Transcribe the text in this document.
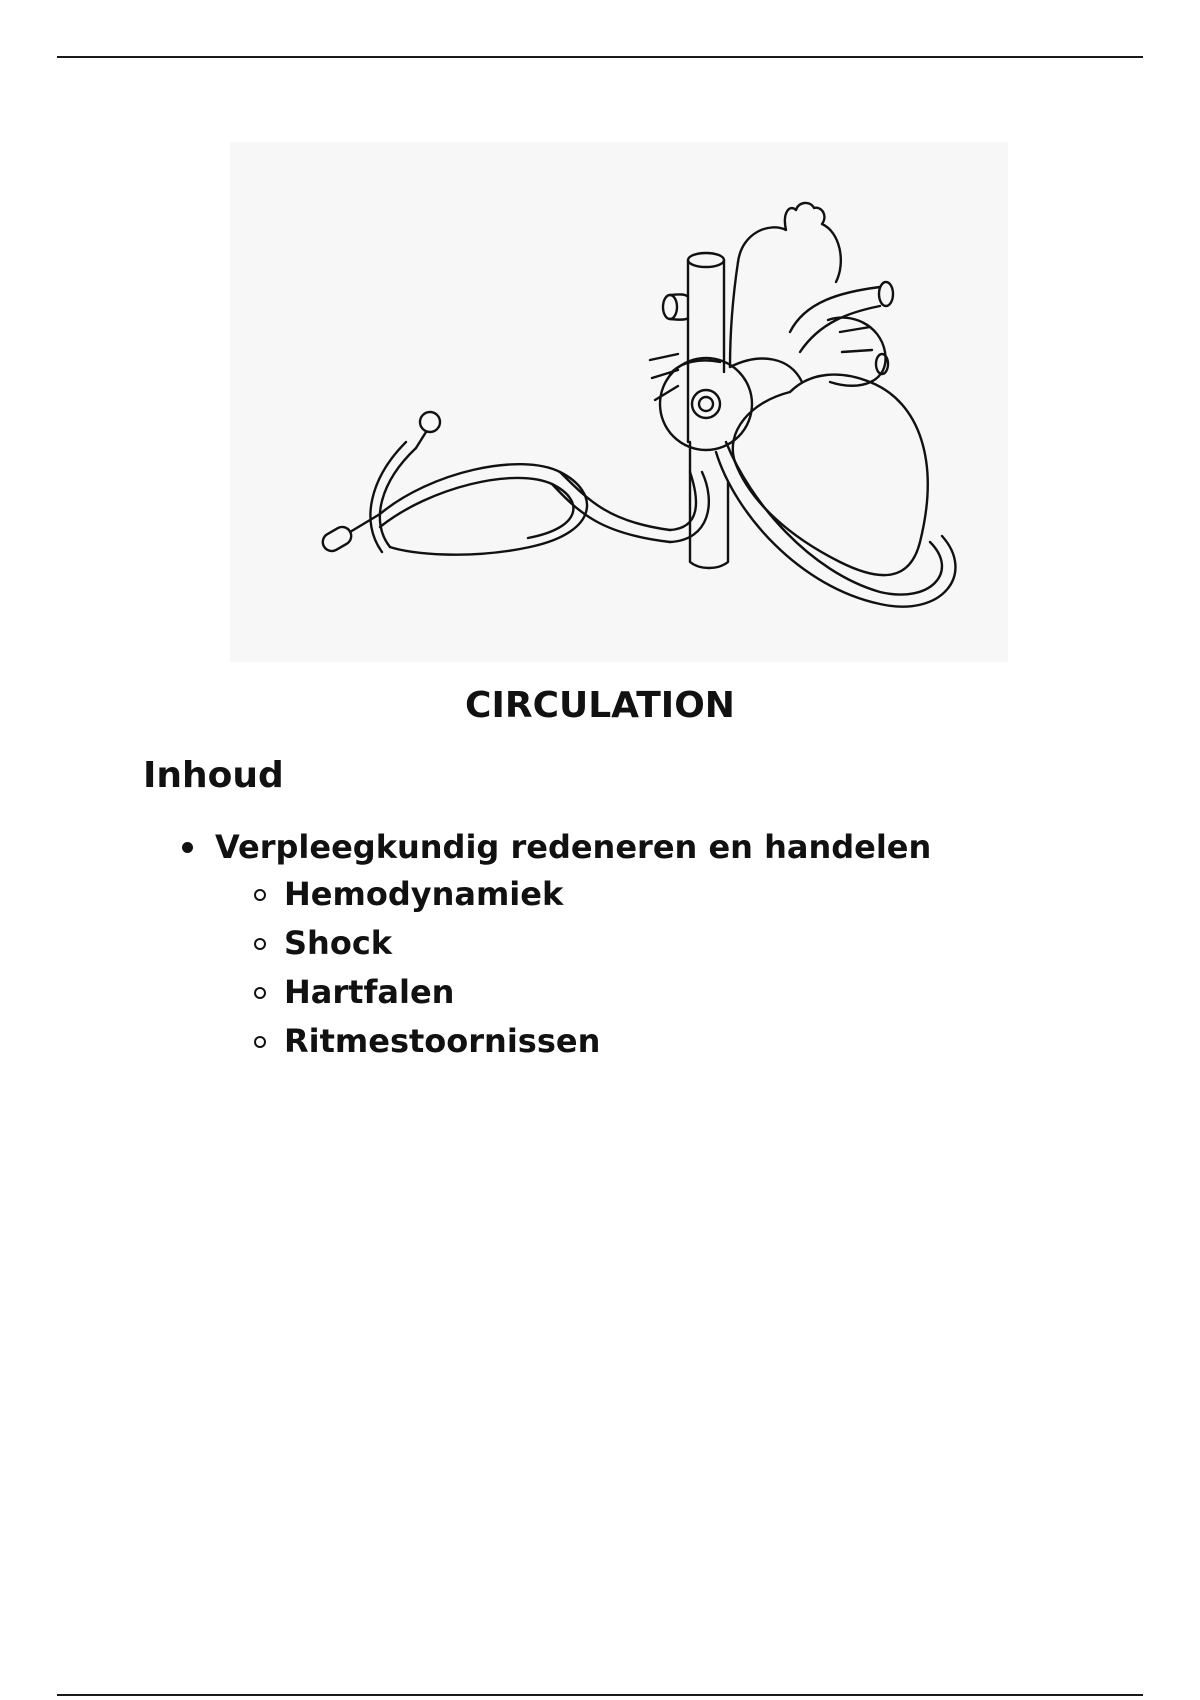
CIRCULATION
Inhoud
Verpleegkundig redeneren en handelen
Hemodynamiek
Shock
Hartfalen
Ritmestoornissen
